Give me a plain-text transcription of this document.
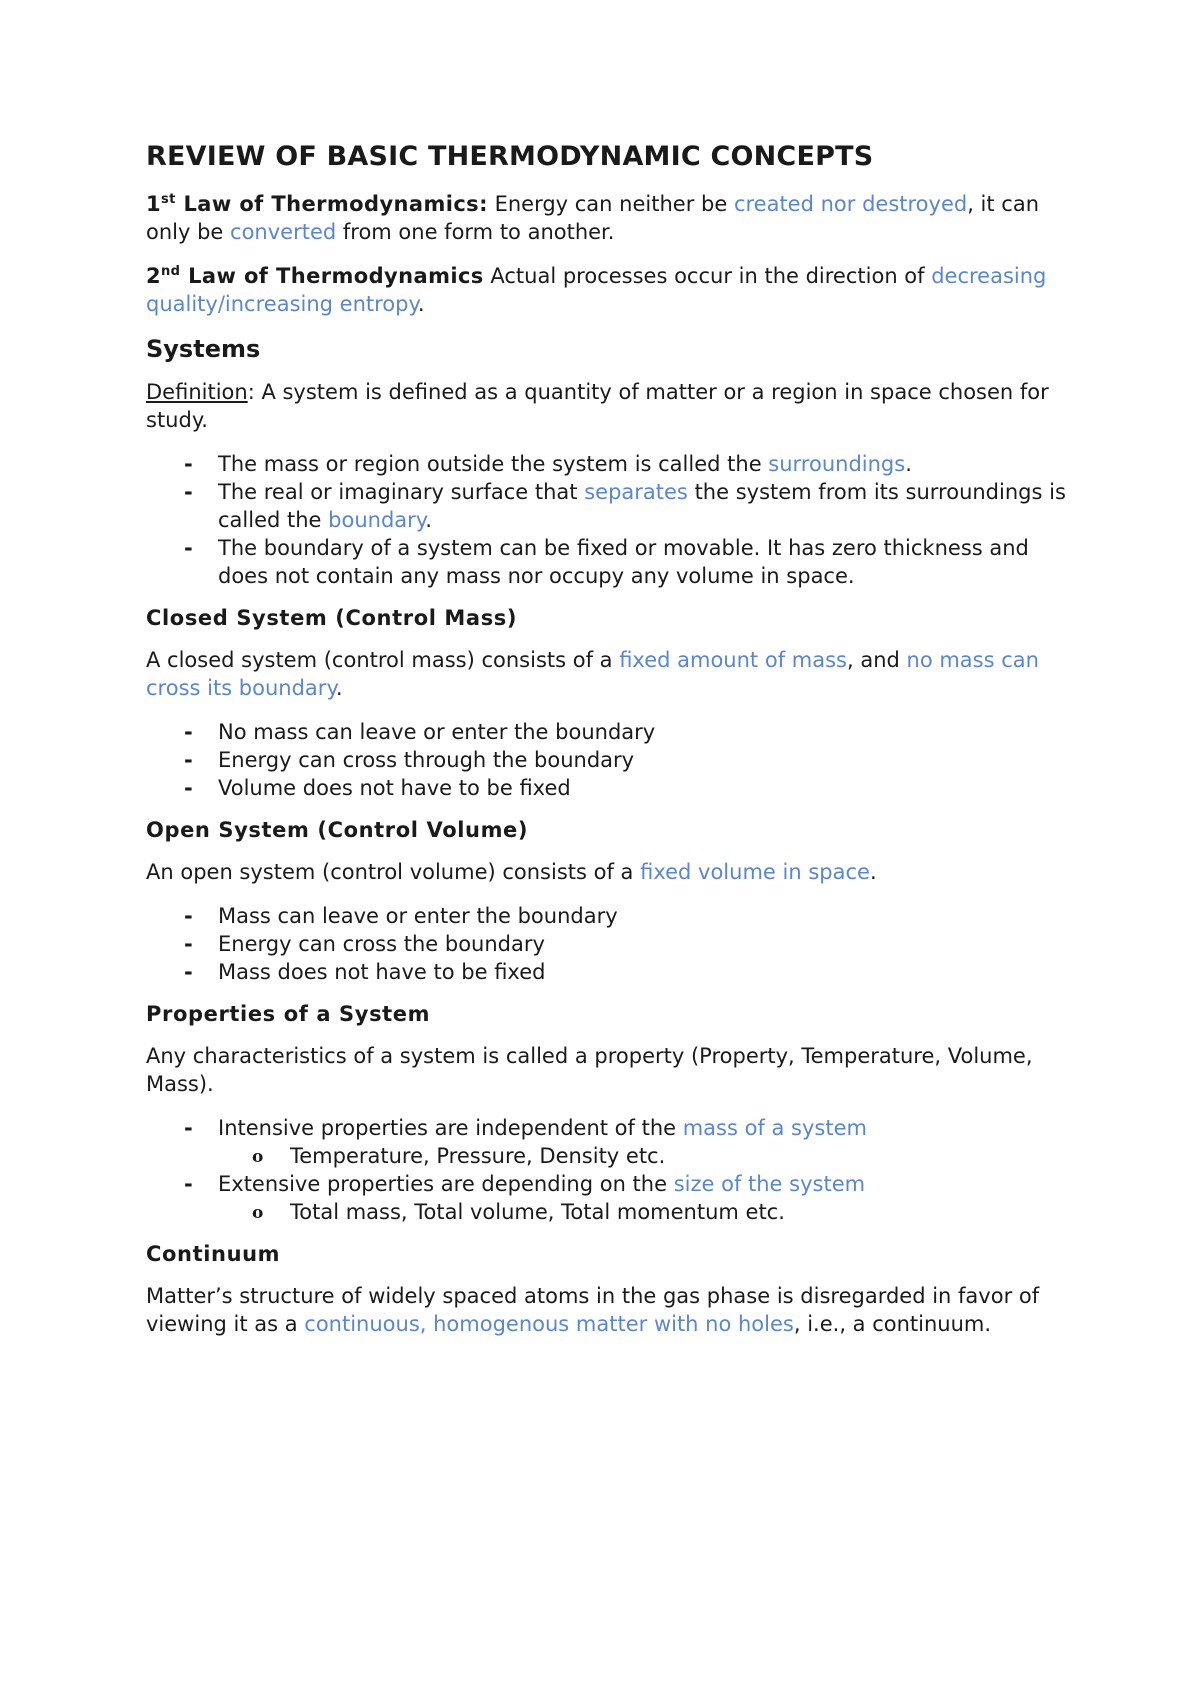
REVIEW OF BASIC THERMODYNAMIC CONCEPTS

1st Law of Thermodynamics: Energy can neither be created nor destroyed, it can only be converted from one form to another.

2nd Law of Thermodynamics Actual processes occur in the direction of decreasing quality/increasing entropy.

Systems

Definition: A system is defined as a quantity of matter or a region in space chosen for study.

- The mass or region outside the system is called the surroundings.
- The real or imaginary surface that separates the system from its surroundings is called the boundary.
- The boundary of a system can be fixed or movable. It has zero thickness and does not contain any mass nor occupy any volume in space.
Closed System (Control Mass)

A closed system (control mass) consists of a fixed amount of mass, and no mass can cross its boundary.

- No mass can leave or enter the boundary
- Energy can cross through the boundary
- Volume does not have to be fixed
Open System (Control Volume)

An open system (control volume) consists of a fixed volume in space.

- Mass can leave or enter the boundary
- Energy can cross the boundary
- Mass does not have to be fixed
Properties of a System

Any characteristics of a system is called a property (Property, Temperature, Volume, Mass).

- Intensive properties are independent of the mass of a system
o Temperature, Pressure, Density etc.
- Extensive properties are depending on the size of the system
o Total mass, Total volume, Total momentum etc.
Continuum

Matter’s structure of widely spaced atoms in the gas phase is disregarded in favor of viewing it as a continuous, homogenous matter with no holes, i.e., a continuum.
